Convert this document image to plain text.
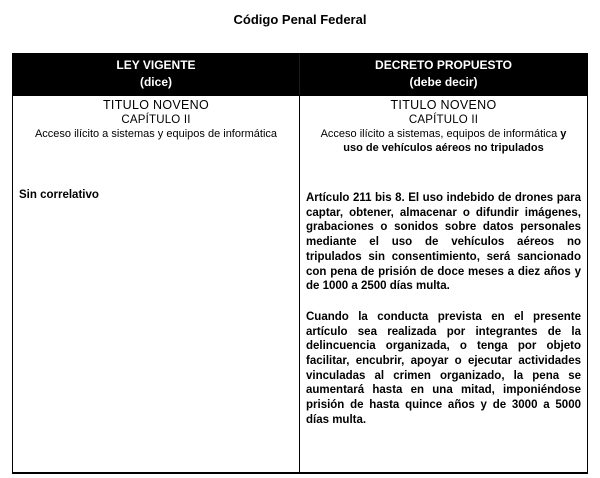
Código Penal Federal
LEY VIGENTE
(dice)
DECRETO PROPUESTO
(debe decir)
TITULO NOVENO
CAPÍTULO II
Acceso ilícito a sistemas y equipos de informática
Sin correlativo
TITULO NOVENO
CAPÍTULO II
Acceso ilícito a sistemas, equipos de informática y uso de vehículos aéreos no tripulados

Artículo 211 bis 8. El uso indebido de drones para captar, obtener, almacenar o difundir imágenes, grabaciones o sonidos sobre datos personales mediante el uso de vehículos aéreos no tripulados sin consentimiento, será sancionado con pena de prisión de doce meses a diez años y de 1000 a 2500 días multa.

Cuando la conducta prevista en el presente artículo sea realizada por integrantes de la delincuencia organizada, o tenga por objeto facilitar, encubrir, apoyar o ejecutar actividades vinculadas al crimen organizado, la pena se aumentará hasta en una mitad, imponiéndose prisión de hasta quince años y de 3000 a 5000 días multa.
